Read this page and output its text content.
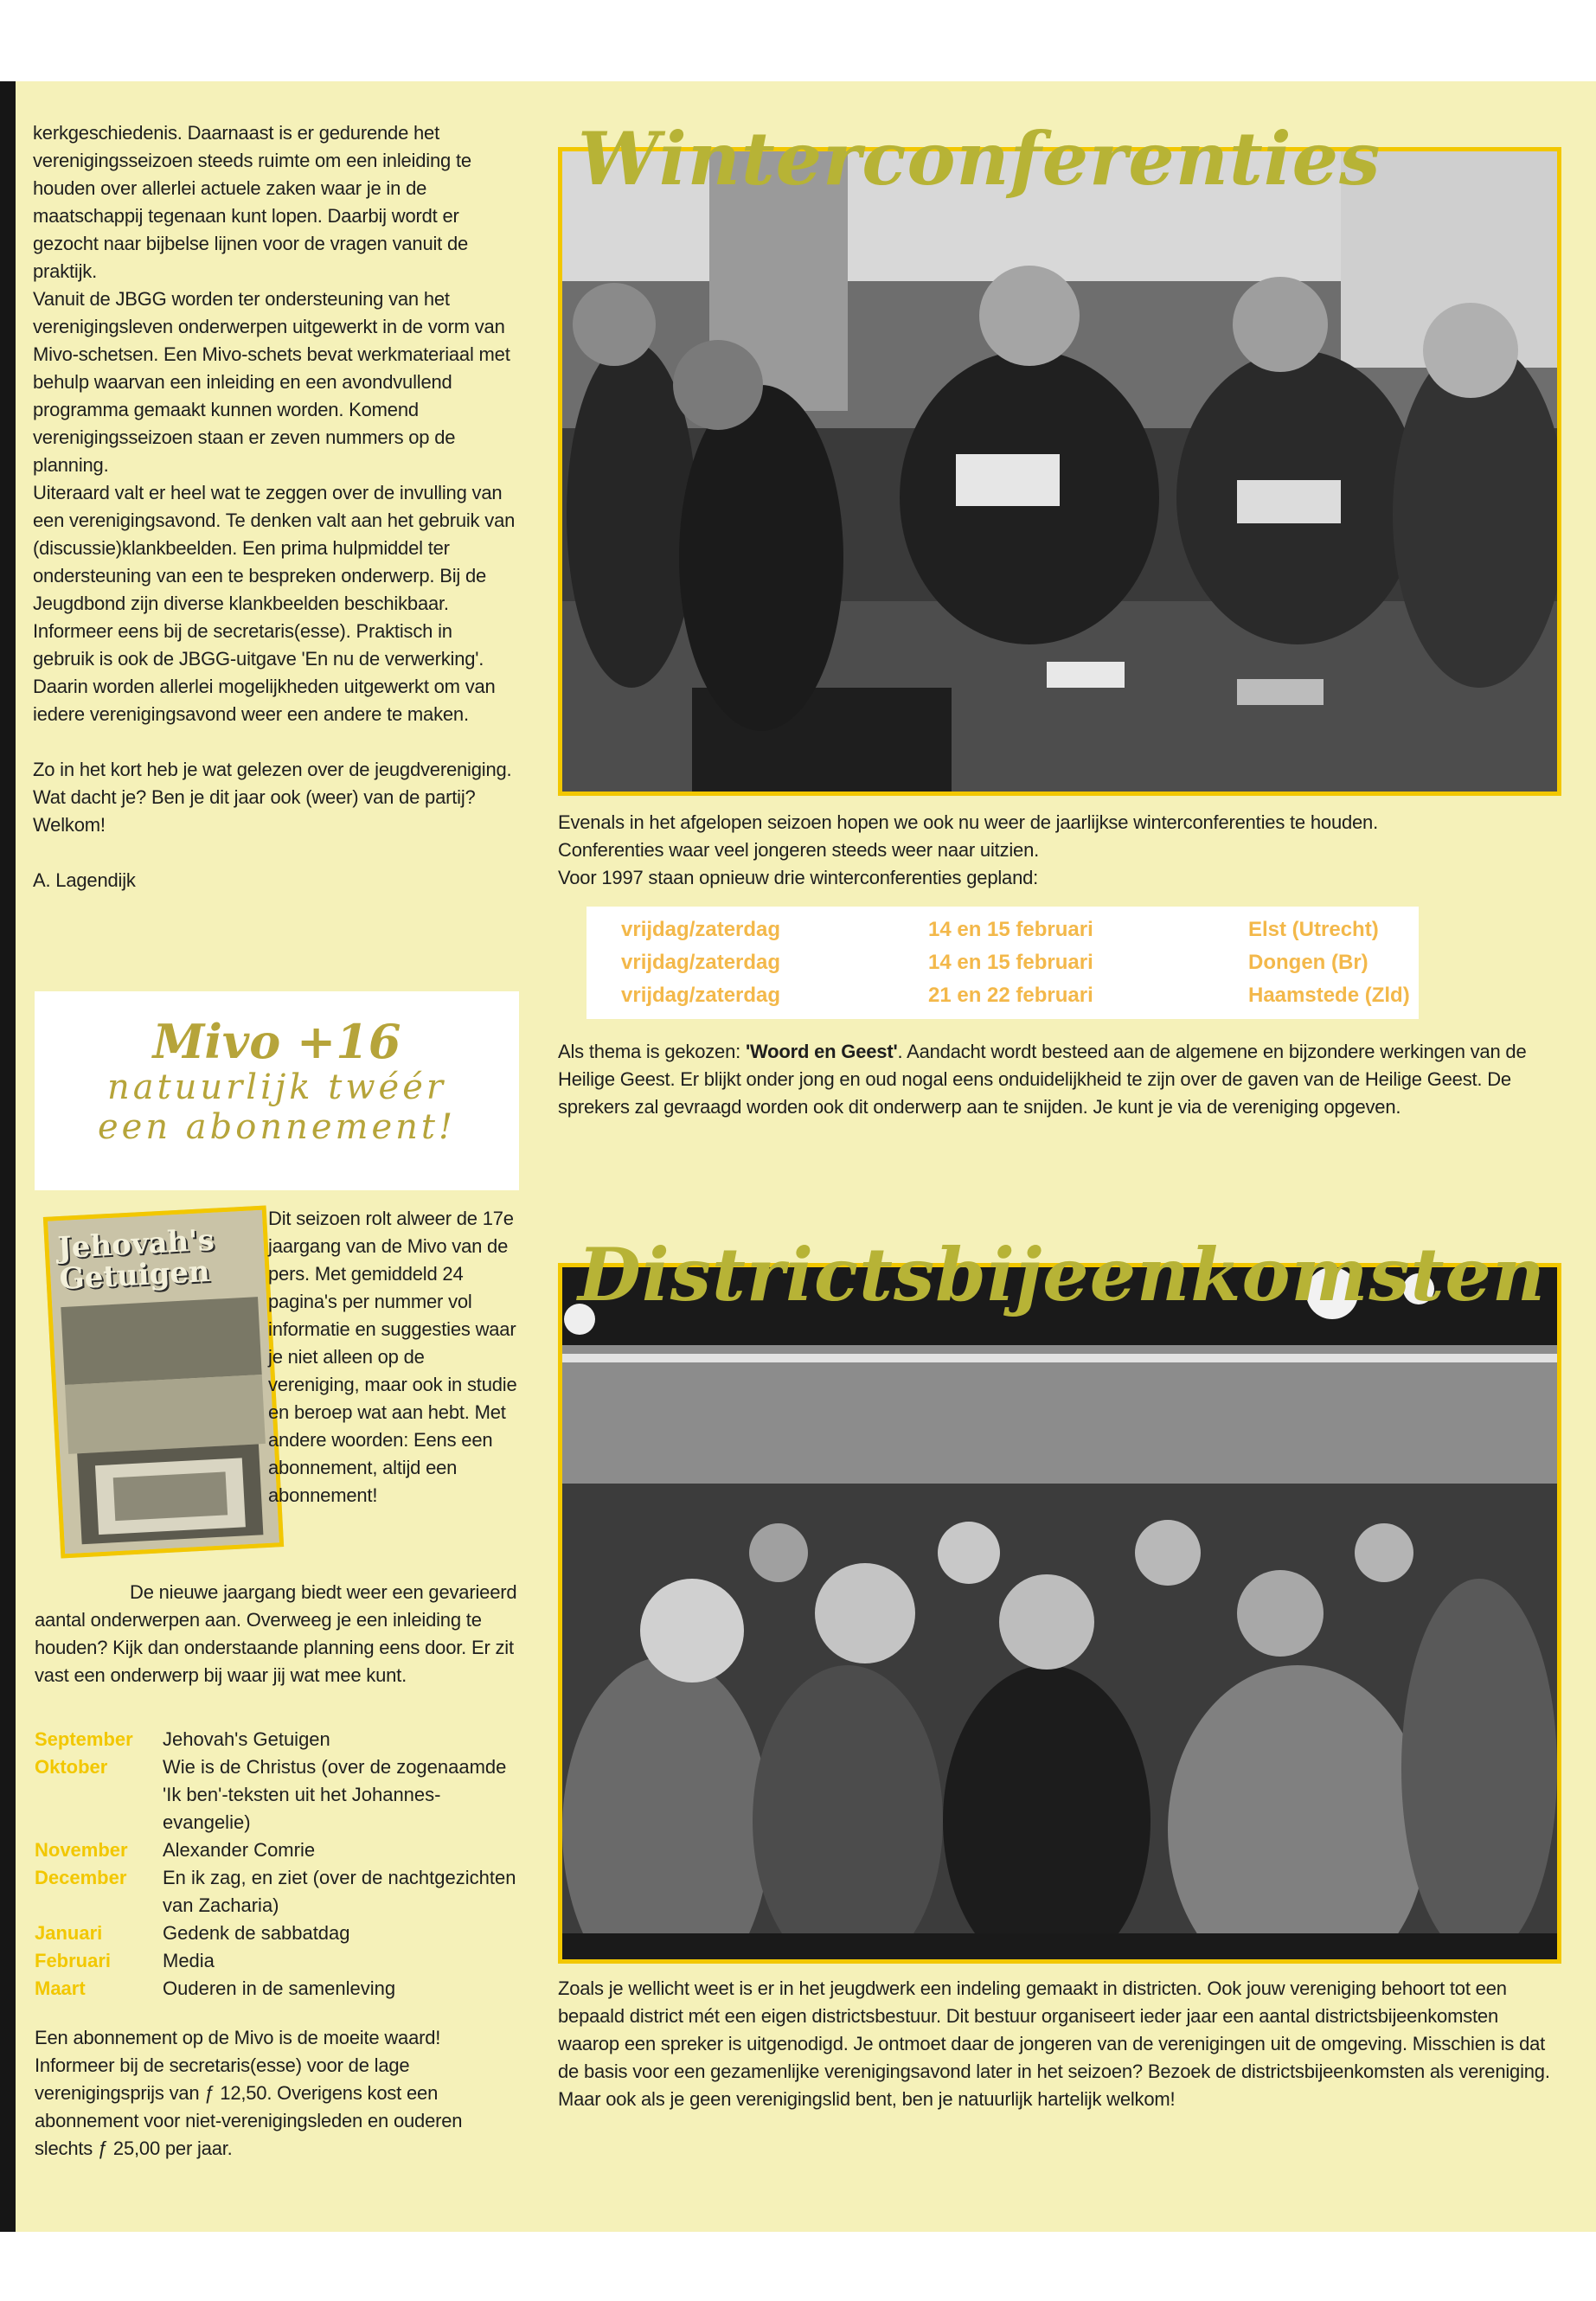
kerkgeschiedenis. Daarnaast is er gedurende het verenigingsseizoen steeds ruimte om een inleiding te houden over allerlei actuele zaken waar je in de maatschappij tegenaan kunt lopen. Daarbij wordt er gezocht naar bijbelse lijnen voor de vragen vanuit de praktijk.

Vanuit de JBGG worden ter ondersteuning van het verenigingsleven onderwerpen uitgewerkt in de vorm van Mivo-schetsen. Een Mivo-schets bevat werkmateriaal met behulp waarvan een inleiding en een avondvullend programma gemaakt kunnen worden. Komend verenigingsseizoen staan er zeven nummers op de planning.

Uiteraard valt er heel wat te zeggen over de invulling van een verenigingsavond. Te denken valt aan het gebruik van (discussie)klankbeelden. Een prima hulpmiddel ter ondersteuning van een te bespreken onderwerp. Bij de Jeugdbond zijn diverse klankbeelden beschikbaar. Informeer eens bij de secretaris(esse). Praktisch in gebruik is ook de JBGG-uitgave 'En nu de verwerking'. Daarin worden allerlei mogelijkheden uitgewerkt om van iedere verenigingsavond weer een andere te maken.

Zo in het kort heb je wat gelezen over de jeugdvereniging. Wat dacht je? Ben je dit jaar ook (weer) van de partij? Welkom!

A. Lagendijk

Mivo +16
natuurlijk twéér
een abonnement!
Jehovah's Getuigen

Dit seizoen rolt alweer de 17e jaargang van de Mivo van de pers. Met gemiddeld 24 pagina's per nummer vol informatie en suggesties waar je niet alleen op de vereniging, maar ook in studie en beroep wat aan hebt. Met andere woorden: Eens een abonnement, altijd een abonnement!

De nieuwe jaargang biedt weer een gevarieerd aantal onderwerpen aan. Overweeg je een inleiding te houden? Kijk dan onderstaande planning eens door. Er zit vast een onderwerp bij waar jij wat mee kunt.

September	Jehovah's Getuigen
Oktober	Wie is de Christus (over de zogenaamde 'Ik ben'-teksten uit het Johannes-evangelie)
November	Alexander Comrie
December	En ik zag, en ziet (over de nachtgezichten van Zacharia)
Januari	Gedenk de sabbatdag
Februari	Media
Maart	Ouderen in de samenleving

Een abonnement op de Mivo is de moeite waard! Informeer bij de secretaris(esse) voor de lage verenigingsprijs van ƒ 12,50. Overigens kost een abonnement voor niet-verenigingsleden en ouderen slechts ƒ 25,00 per jaar.

Winterconferenties

Evenals in het afgelopen seizoen hopen we ook nu weer de jaarlijkse winterconferenties te houden.

Conferenties waar veel jongeren steeds weer naar uitzien.

Voor 1997 staan opnieuw drie winterconferenties gepland:

vrijdag/zaterdag	14 en 15 februari	Elst (Utrecht)
vrijdag/zaterdag	14 en 15 februari	Dongen (Br)
vrijdag/zaterdag	21 en 22 februari	Haamstede (Zld)

Als thema is gekozen: 'Woord en Geest'. Aandacht wordt besteed aan de algemene en bijzondere werkingen van de Heilige Geest. Er blijkt onder jong en oud nogal eens onduidelijkheid te zijn over de gaven van de Heilige Geest. De sprekers zal gevraagd worden ook dit onderwerp aan te snijden. Je kunt je via de vereniging opgeven.

Districtsbijeenkomsten

Zoals je wellicht weet is er in het jeugdwerk een indeling gemaakt in districten. Ook jouw vereniging behoort tot een bepaald district mét een eigen districtsbestuur. Dit bestuur organiseert ieder jaar een aantal districtsbijeenkomsten waarop een spreker is uitgenodigd. Je ontmoet daar de jongeren van de verenigingen uit de omgeving. Misschien is dat de basis voor een gezamenlijke verenigingsavond later in het seizoen? Bezoek de districtsbijeenkomsten als vereniging. Maar ook als je geen verenigingslid bent, ben je natuurlijk hartelijk welkom!
